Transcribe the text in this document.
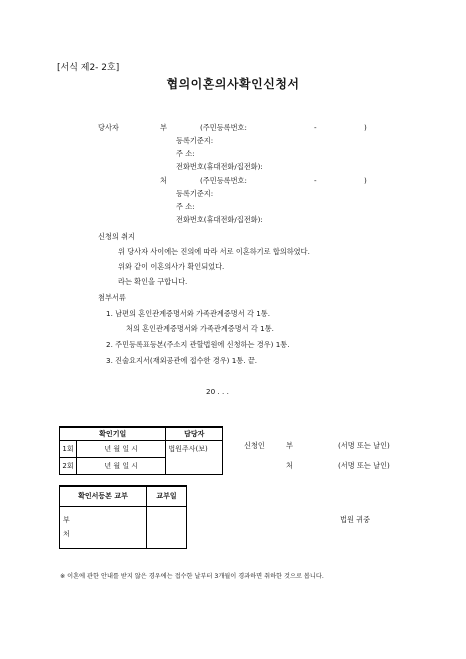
[서식 제2- 2호]
협의이혼의사확인신청서
당사자	부	(주민등록번호:	-	)
등록기준지:
주 소:
전화번호(휴대전화/집전화):
처	(주민등록번호:	-	)
등록기준지:
주 소:
전화번호(휴대전화/집전화):
신청의 취지
위 당사자 사이에는 진의에 따라 서로 이혼하기로 합의하였다.
위와 같이 이혼의사가 확인되었다.
라는 확인을 구합니다.
첨부서류
1. 남편의 혼인관계증명서와 가족관계증명서 각 1통.
처의 혼인관계증명서와 가족관계증명서 각 1통.
2. 주민등록표등본(주소지 관할법원에 신청하는 경우) 1통.
3. 진술요지서(재외공관에 접수한 경우) 1통. 끝.
20 . . .
확인기일		담당자
1회	년 월 일 시	법원주사(보)
2회	년 월 일 시	
신청인	부	(서명 또는 날인)
처	(서명 또는 날인)
확인서등본 교부	교부일

부
처	

법원 귀중
※ 이혼에 관한 안내를 받지 않은 경우에는 접수한 날부터 3개월이 경과하면 취하한 것으로 봅니다.
